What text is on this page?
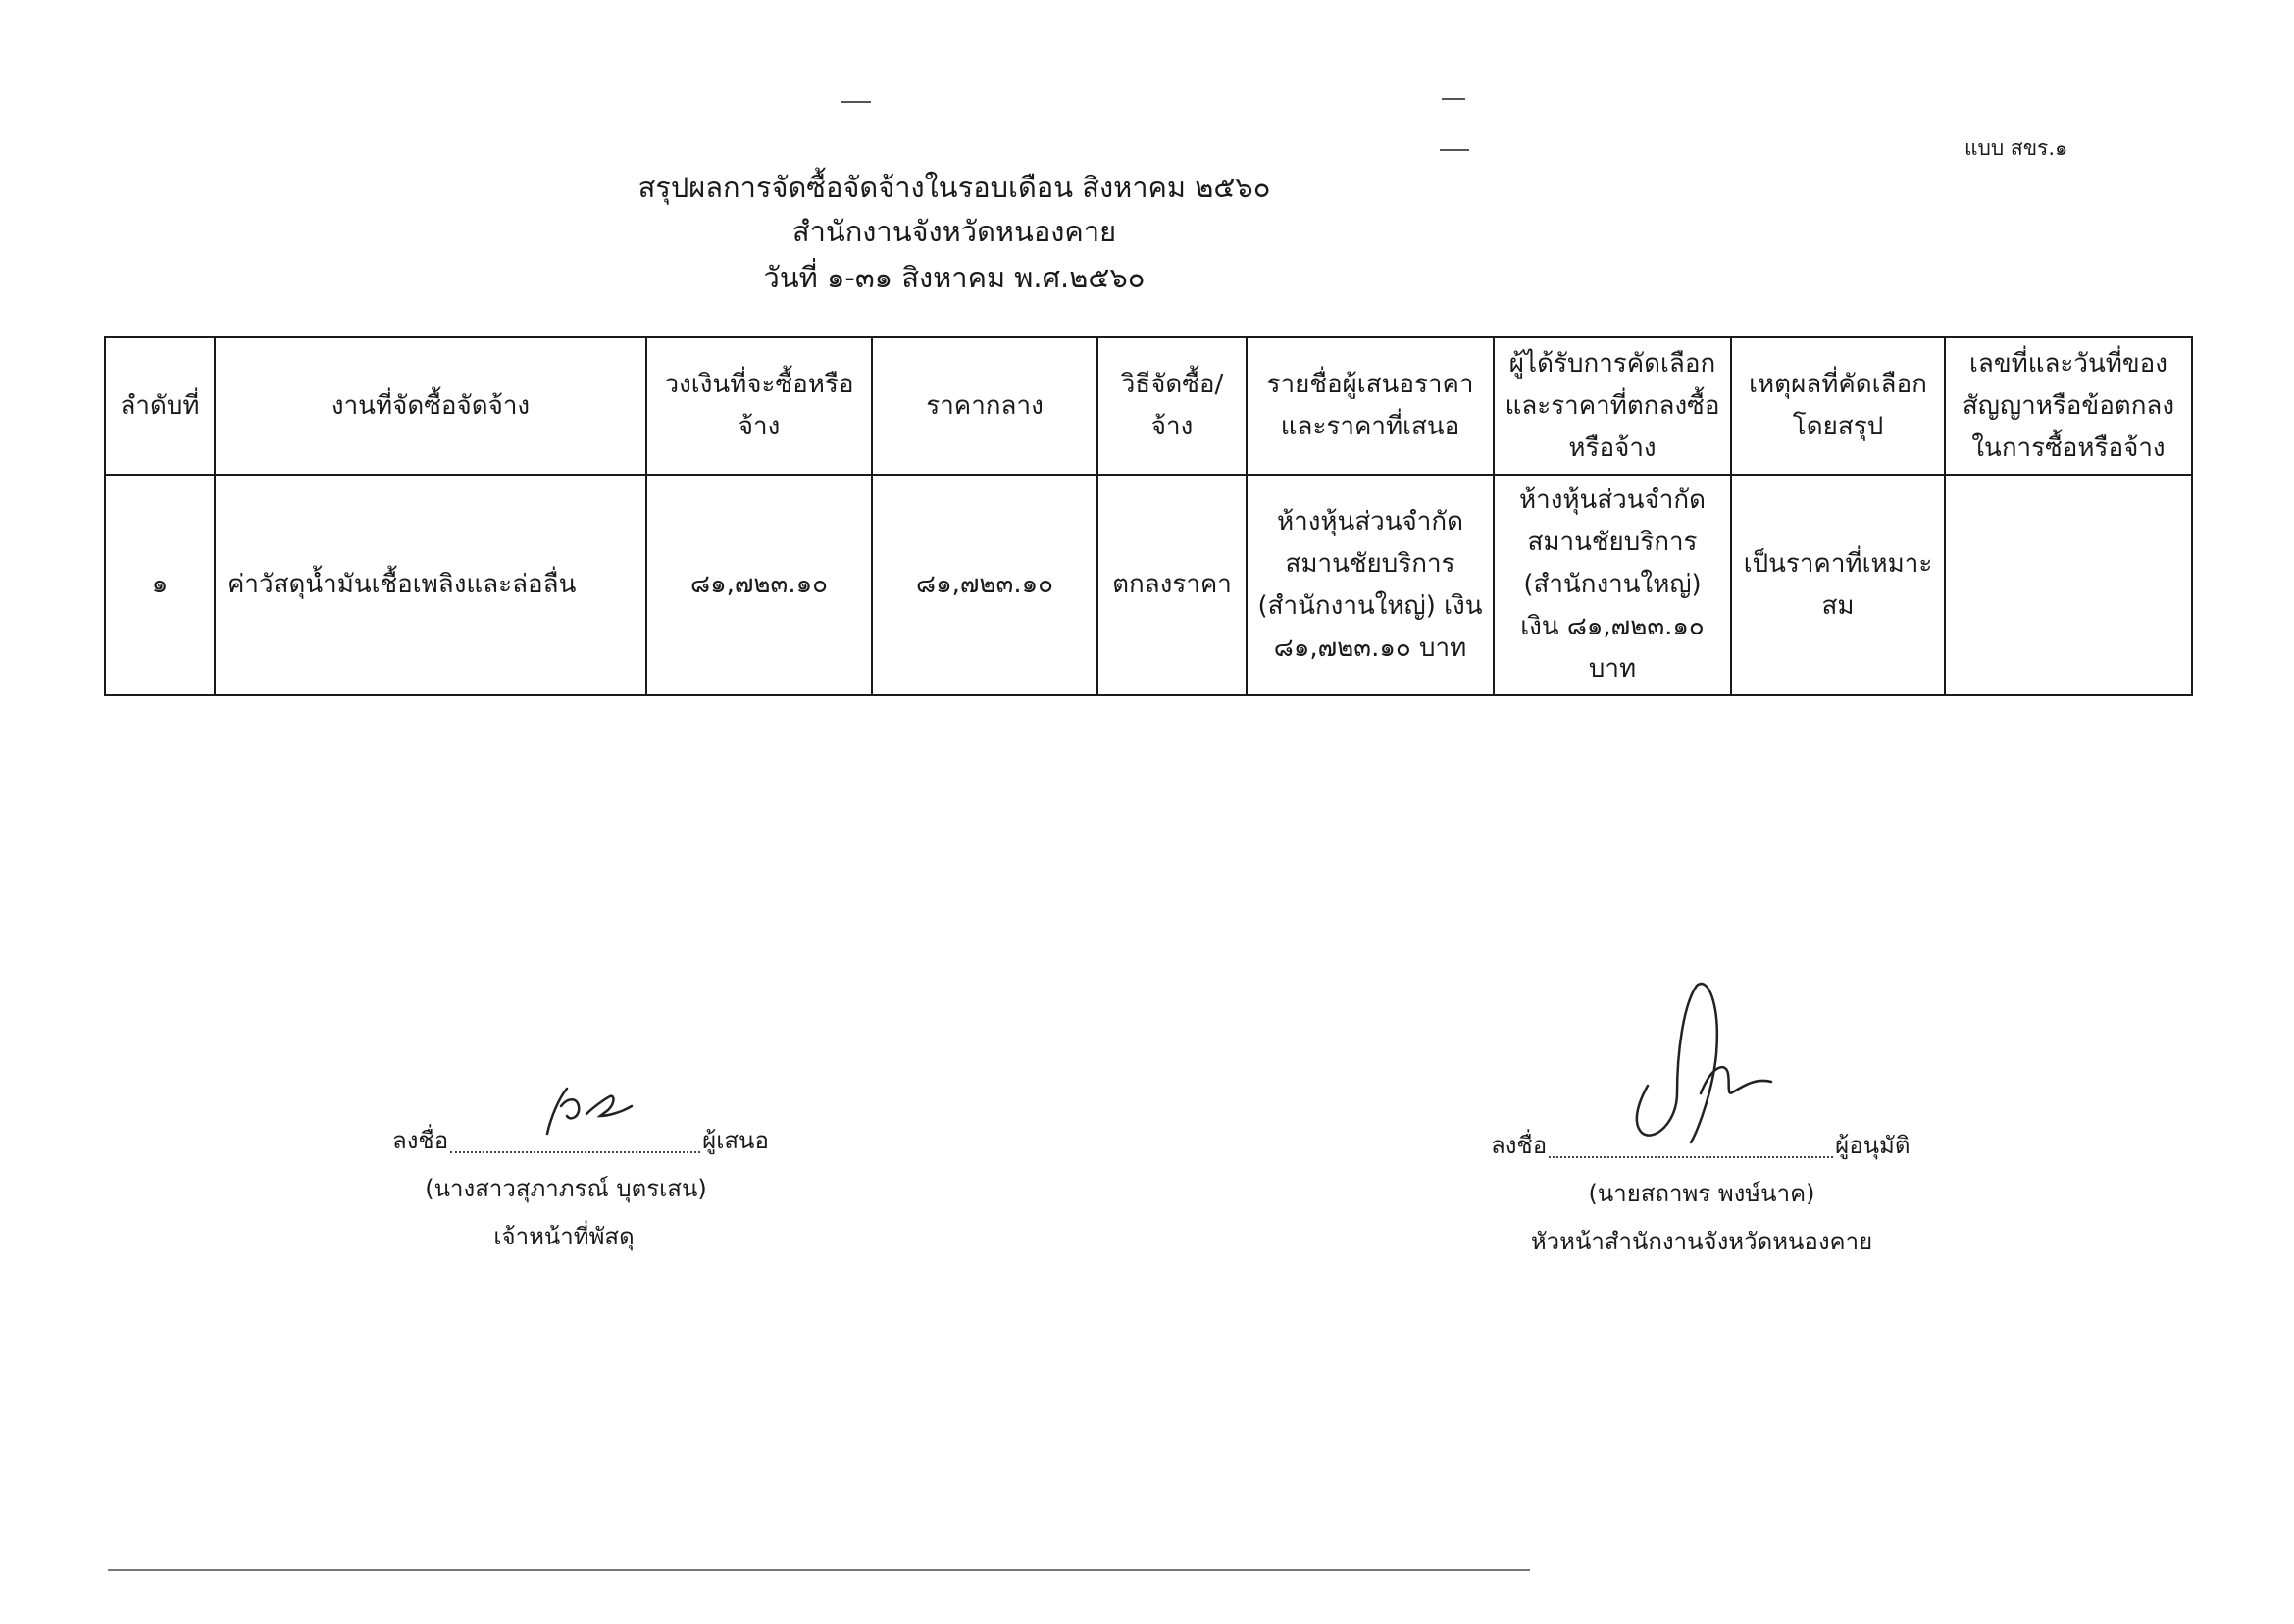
แบบ สขร.๑
สรุปผลการจัดซื้อจัดจ้างในรอบเดือน สิงหาคม ๒๕๖๐
สำนักงานจังหวัดหนองคาย
วันที่ ๑-๓๑ สิงหาคม พ.ศ.๒๕๖๐
ลำดับที่	งานที่จัดซื้อจัดจ้าง	วงเงินที่จะซื้อหรือจ้าง	ราคากลาง	วิธีจัดซื้อ/จ้าง	รายชื่อผู้เสนอราคาและราคาที่เสนอ	ผู้ได้รับการคัดเลือกและราคาที่ตกลงซื้อหรือจ้าง	เหตุผลที่คัดเลือกโดยสรุป	เลขที่และวันที่ของสัญญาหรือข้อตกลงในการซื้อหรือจ้าง
๑	ค่าวัสดุน้ำมันเชื้อเพลิงและล่อลื่น	๘๑,๗๒๓.๑๐	๘๑,๗๒๓.๑๐	ตกลงราคา	ห้างหุ้นส่วนจำกัด สมานชัยบริการ (สำนักงานใหญ่) เงิน ๘๑,๗๒๓.๑๐ บาท	ห้างหุ้นส่วนจำกัด สมานชัยบริการ (สำนักงานใหญ่) เงิน ๘๑,๗๒๓.๑๐ บาท	เป็นราคาที่เหมาะสม	
ลงชื่อ	ผู้เสนอ
(นางสาวสุภาภรณ์ บุตรเสน)
เจ้าหน้าที่พัสดุ
ลงชื่อ	ผู้อนุมัติ
(นายสถาพร พงษ์นาค)
หัวหน้าสำนักงานจังหวัดหนองคาย
